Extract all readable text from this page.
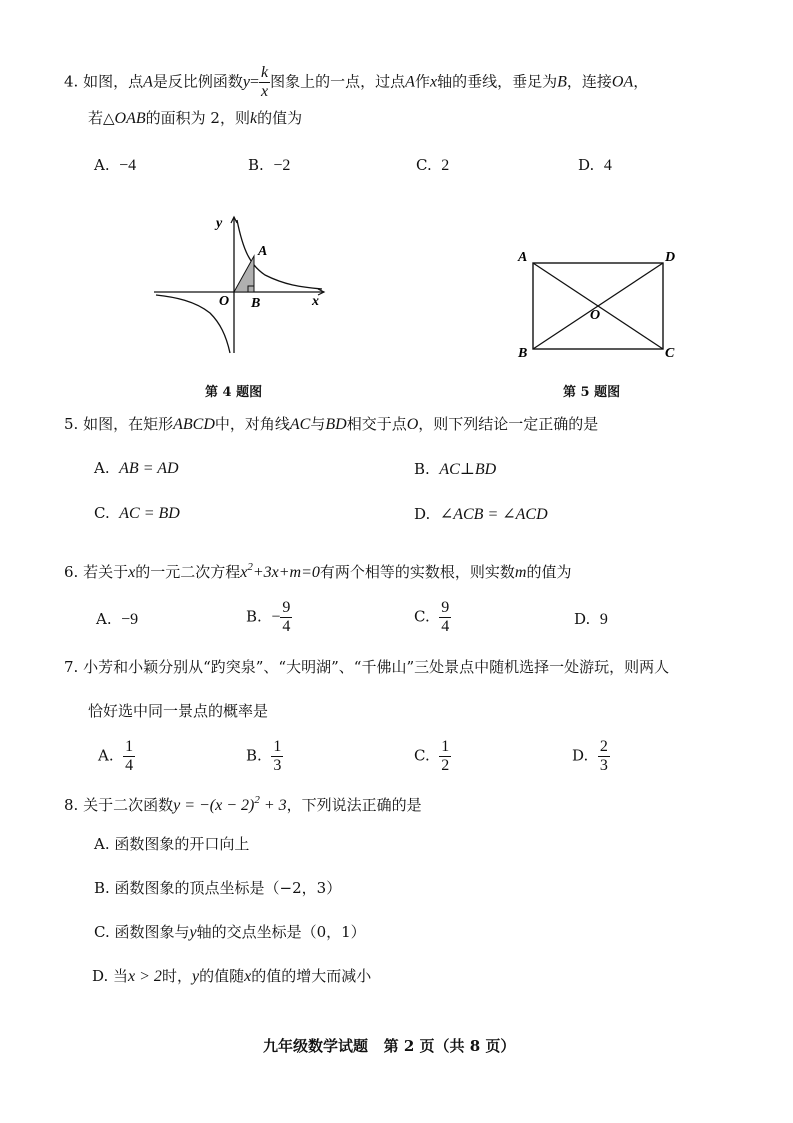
4. 如图，点A是反比例函数$y= \frac{k}{x}$ 图象上的一点，过点A作x轴的垂线，垂足为B，连接OA，
若△OAB的面积为 2，则k的值为
A. −4	B. −2	C. 2	D. 4
y
x
A
O B
第 4 题图
A	D
O
B	C
第 5 题图
5. 如图，在矩形ABCD中，对角线AC与BD相交于点O，则下列结论一定正确的是
A. AB = AD	B. AC⊥BD
C. AC = BD	D. ∠ACB = ∠ACD
6. 若关于x的一元二次方程$x^2+3x+m=0$有两个相等的实数根，则实数m的值为
A. −9	B. − $\frac{9}{4}$	C. $\frac{9}{4}$	D. 9
7. 小芳和小颖分别从“趵突泉”、“大明湖”、“千佛山”三处景点中随机选择一处游玩，则两人
恰好选中同一景点的概率是
A. $\frac{1}{4}$	B. $\frac{1}{3}$	C. $\frac{1}{2}$	D. $\frac{2}{3}$
8. 关于二次函数$y = -(x - 2)^2 + 3$，下列说法正确的是
A. 函数图象的开口向上
B. 函数图象的顶点坐标是（−2，3）
C. 函数图象与y轴的交点坐标是（0，1）
D. 当x > 2时，y的值随x的值的增大而减小
九年级数学试题   第 2 页（共 8 页）
